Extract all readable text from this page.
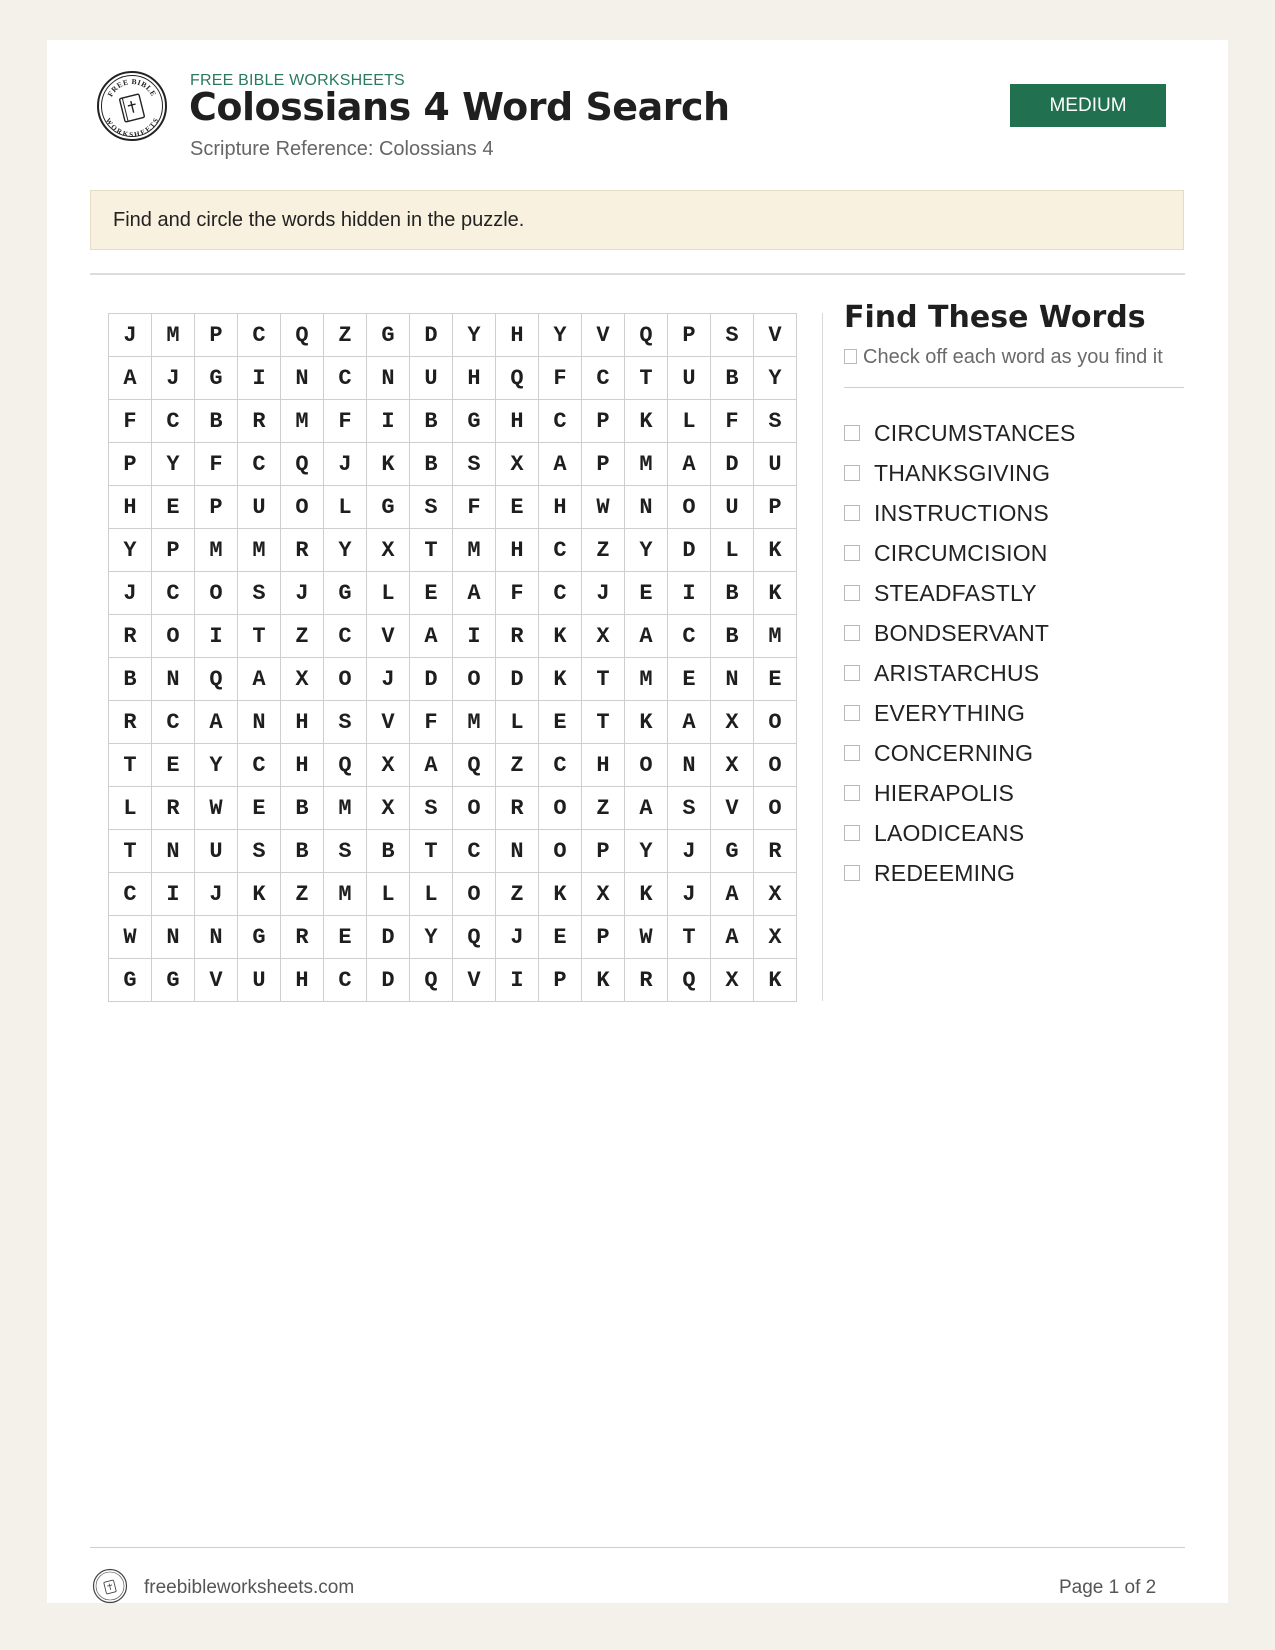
FREE BIBLE
WORKSHEETS
FREE BIBLE WORKSHEETS
Colossians 4 Word Search
Scripture Reference: Colossians 4
MEDIUM
Find and circle the words hidden in the puzzle.
J	M	P	C	Q	Z	G	D	Y	H	Y	V	Q	P	S	V
A	J	G	I	N	C	N	U	H	Q	F	C	T	U	B	Y
F	C	B	R	M	F	I	B	G	H	C	P	K	L	F	S
P	Y	F	C	Q	J	K	B	S	X	A	P	M	A	D	U
H	E	P	U	O	L	G	S	F	E	H	W	N	O	U	P
Y	P	M	M	R	Y	X	T	M	H	C	Z	Y	D	L	K
J	C	O	S	J	G	L	E	A	F	C	J	E	I	B	K
R	O	I	T	Z	C	V	A	I	R	K	X	A	C	B	M
B	N	Q	A	X	O	J	D	O	D	K	T	M	E	N	E
R	C	A	N	H	S	V	F	M	L	E	T	K	A	X	O
T	E	Y	C	H	Q	X	A	Q	Z	C	H	O	N	X	O
L	R	W	E	B	M	X	S	O	R	O	Z	A	S	V	O
T	N	U	S	B	S	B	T	C	N	O	P	Y	J	G	R
C	I	J	K	Z	M	L	L	O	Z	K	X	K	J	A	X
W	N	N	G	R	E	D	Y	Q	J	E	P	W	T	A	X
G	G	V	U	H	C	D	Q	V	I	P	K	R	Q	X	K
Find These Words
Check off each word as you find it
CIRCUMSTANCES
THANKSGIVING
INSTRUCTIONS
CIRCUMCISION
STEADFASTLY
BONDSERVANT
ARISTARCHUS
EVERYTHING
CONCERNING
HIERAPOLIS
LAODICEANS
REDEEMING
freebibleworksheets.com	Page 1 of 2
